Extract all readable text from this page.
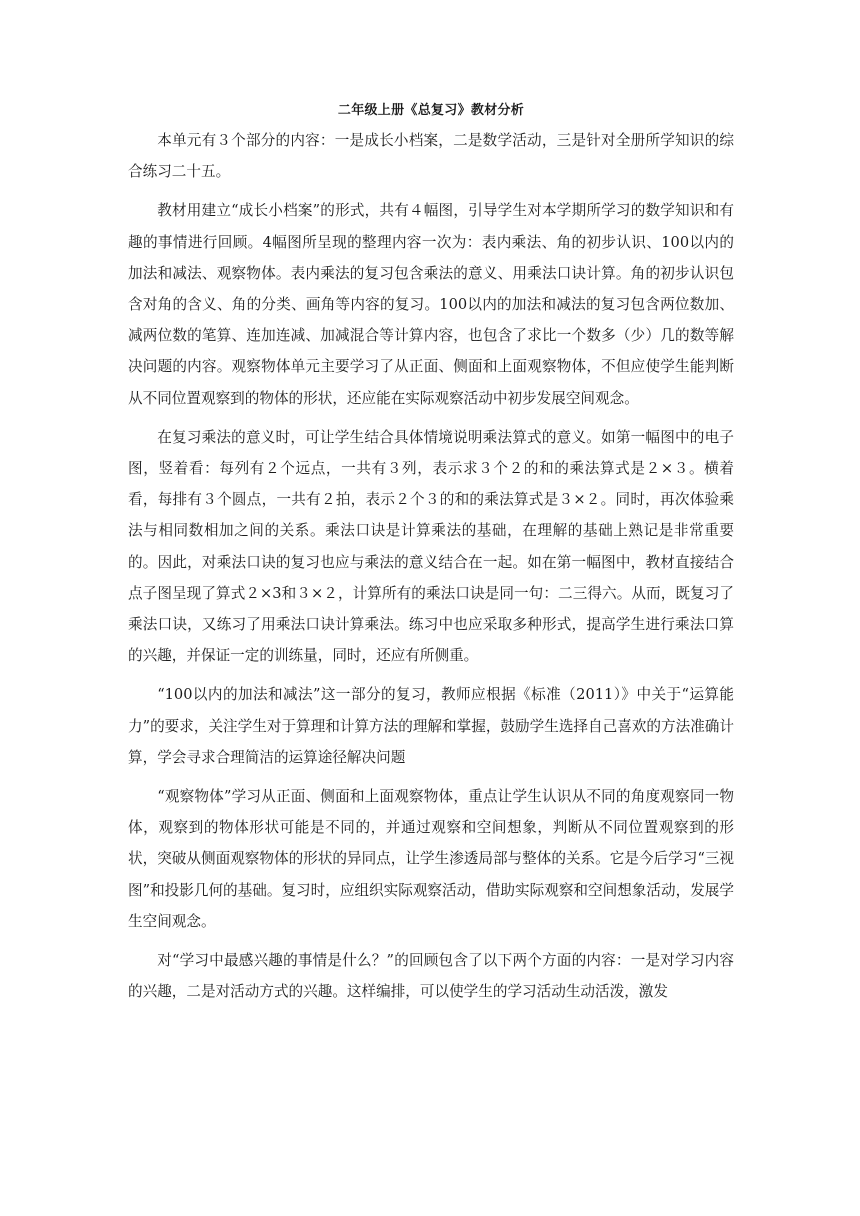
二年级上册《总复习》教材分析

本单元有３个部分的内容：一是成长小档案，二是数学活动，三是针对全册所学知识的综合练习二十五。

教材用建立“成长小档案”的形式，共有４幅图，引导学生对本学期所学习的数学知识和有趣的事情进行回顾。4幅图所呈现的整理内容一次为：表内乘法、角的初步认识、100以内的加法和减法、观察物体。表内乘法的复习包含乘法的意义、用乘法口诀计算。角的初步认识包含对角的含义、角的分类、画角等内容的复习。100以内的加法和减法的复习包含两位数加、减两位数的笔算、连加连减、加减混合等计算内容，也包含了求比一个数多（少）几的数等解决问题的内容。观察物体单元主要学习了从正面、侧面和上面观察物体，不但应使学生能判断从不同位置观察到的物体的形状，还应能在实际观察活动中初步发展空间观念。

在复习乘法的意义时，可让学生结合具体情境说明乘法算式的意义。如第一幅图中的电子图，竖着看：每列有２个远点，一共有３列，表示求３个２的和的乘法算式是２×３。横着看，每排有３个圆点，一共有２拍，表示２个３的和的乘法算式是３×２。同时，再次体验乘法与相同数相加之间的关系。乘法口诀是计算乘法的基础，在理解的基础上熟记是非常重要的。因此，对乘法口诀的复习也应与乘法的意义结合在一起。如在第一幅图中，教材直接结合点子图呈现了算式２×3和３×２，计算所有的乘法口诀是同一句：二三得六。从而，既复习了乘法口诀，又练习了用乘法口诀计算乘法。练习中也应采取多种形式，提高学生进行乘法口算的兴趣，并保证一定的训练量，同时，还应有所侧重。

“100以内的加法和减法”这一部分的复习，教师应根据《标准（2011）》中关于“运算能力”的要求，关注学生对于算理和计算方法的理解和掌握，鼓励学生选择自己喜欢的方法准确计算，学会寻求合理简洁的运算途径解决问题

“观察物体”学习从正面、侧面和上面观察物体，重点让学生认识从不同的角度观察同一物体，观察到的物体形状可能是不同的，并通过观察和空间想象，判断从不同位置观察到的形状，突破从侧面观察物体的形状的异同点，让学生渗透局部与整体的关系。它是今后学习“三视图”和投影几何的基础。复习时，应组织实际观察活动，借助实际观察和空间想象活动，发展学生空间观念。

对“学习中最感兴趣的事情是什么？”的回顾包含了以下两个方面的内容：一是对学习内容的兴趣，二是对活动方式的兴趣。这样编排，可以使学生的学习活动生动活泼，激发
